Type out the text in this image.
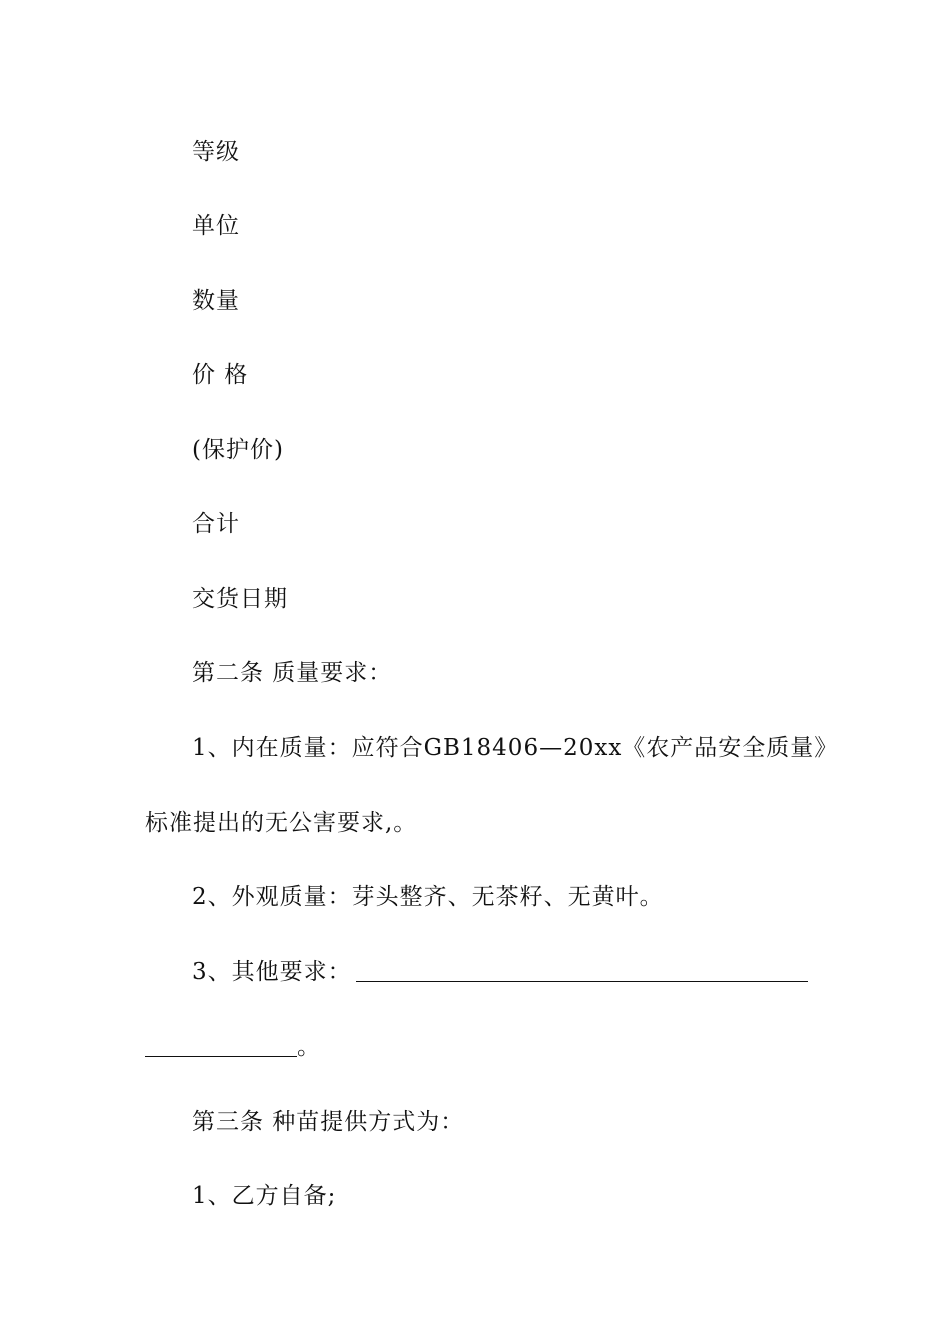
等级
单位
数量
价 格
(保护价)
合计
交货日期
第二条 质量要求：
1、内在质量：应符合GB18406—20xx《农产品安全质量》
标准提出的无公害要求,。
2、外观质量：芽头整齐、无茶籽、无黄叶。
3、其他要求：
。
第三条 种苗提供方式为：
1、乙方自备;
